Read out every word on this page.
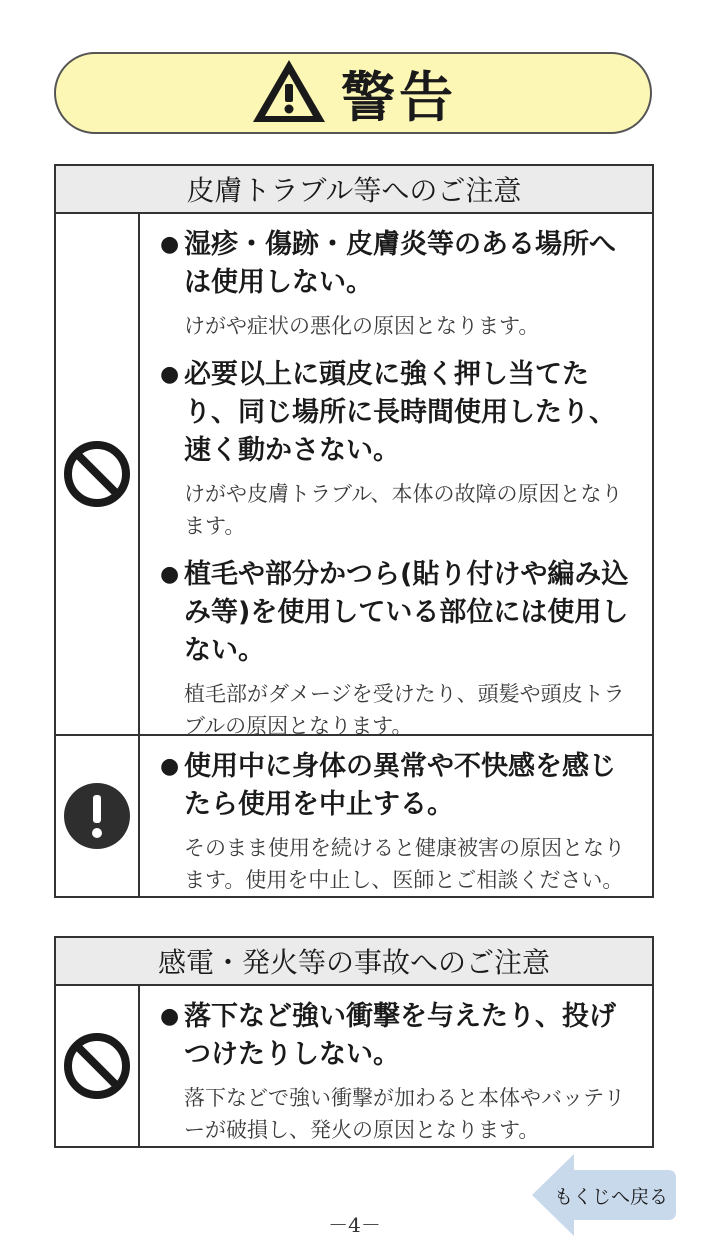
警告
皮膚トラブル等へのご注意
● 湿疹・傷跡・皮膚炎等のある場所へは使用しない。
けがや症状の悪化の原因となります。
● 必要以上に頭皮に強く押し当てたり、同じ場所に長時間使用したり、速く動かさない。
けがや皮膚トラブル、本体の故障の原因となります。
● 植毛や部分かつら(貼り付けや編み込み等)を使用している部位には使用しない。
植毛部がダメージを受けたり、頭髪や頭皮トラブルの原因となります。
● 使用中に身体の異常や不快感を感じたら使用を中止する。
そのまま使用を続けると健康被害の原因となります。使用を中止し、医師とご相談ください。
感電・発火等の事故へのご注意
● 落下など強い衝撃を与えたり、投げつけたりしない。
落下などで強い衝撃が加わると本体やバッテリーが破損し、発火の原因となります。
もくじへ戻る
－4－
